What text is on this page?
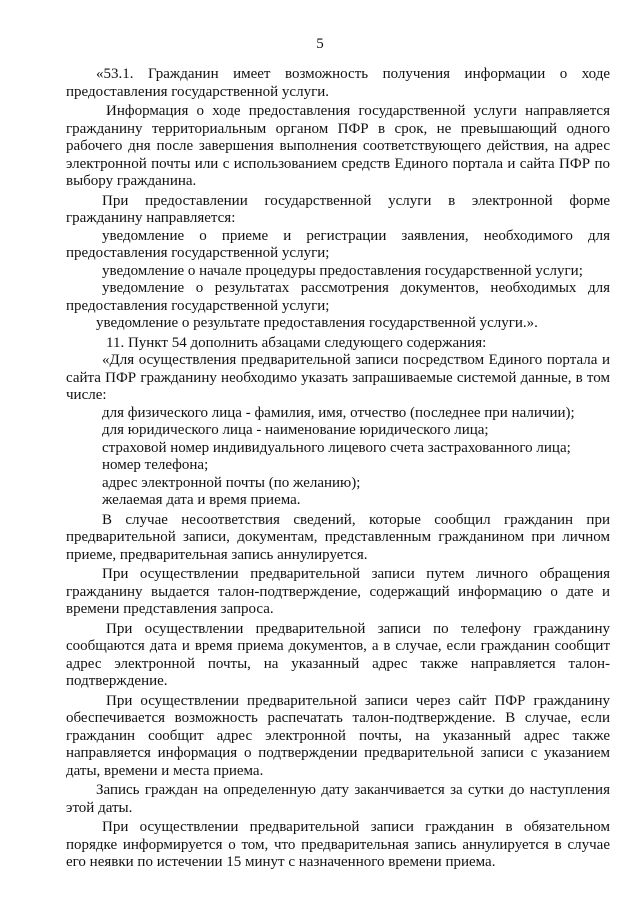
5

«53.1. Гражданин имеет возможность получения информации о ходе предоставления государственной услуги.

Информация о ходе предоставления государственной услуги направляется гражданину территориальным органом ПФР в срок, не превышающий одного рабочего дня после завершения выполнения соответствующего действия, на адрес электронной почты или с использованием средств Единого портала и сайта ПФР по выбору гражданина.

При предоставлении государственной услуги в электронной форме гражданину направляется:

уведомление о приеме и регистрации заявления, необходимого для предоставления государственной услуги;

уведомление о начале процедуры предоставления государственной услуги;

уведомление о результатах рассмотрения документов, необходимых для предоставления государственной услуги;

уведомление о результате предоставления государственной услуги.».

11. Пункт 54 дополнить абзацами следующего содержания:

«Для осуществления предварительной записи посредством Единого портала и сайта ПФР гражданину необходимо указать запрашиваемые системой данные, в том числе:

для физического лица - фамилия, имя, отчество (последнее при наличии);

для юридического лица - наименование юридического лица;

страховой номер индивидуального лицевого счета застрахованного лица;

номер телефона;

адрес электронной почты (по желанию);

желаемая дата и время приема.

В случае несоответствия сведений, которые сообщил гражданин при предварительной записи, документам, представленным гражданином при личном приеме, предварительная запись аннулируется.

При осуществлении предварительной записи путем личного обращения гражданину выдается талон-подтверждение, содержащий информацию о дате и времени представления запроса.

При осуществлении предварительной записи по телефону гражданину сообщаются дата и время приема документов, а в случае, если гражданин сообщит адрес электронной почты, на указанный адрес также направляется талон-подтверждение.

При осуществлении предварительной записи через сайт ПФР гражданину обеспечивается возможность распечатать талон-подтверждение. В случае, если гражданин сообщит адрес электронной почты, на указанный адрес также направляется информация о подтверждении предварительной записи с указанием даты, времени и места приема.

Запись граждан на определенную дату заканчивается за сутки до наступления этой даты.

При осуществлении предварительной записи гражданин в обязательном порядке информируется о том, что предварительная запись аннулируется в случае его неявки по истечении 15 минут с назначенного времени приема.
